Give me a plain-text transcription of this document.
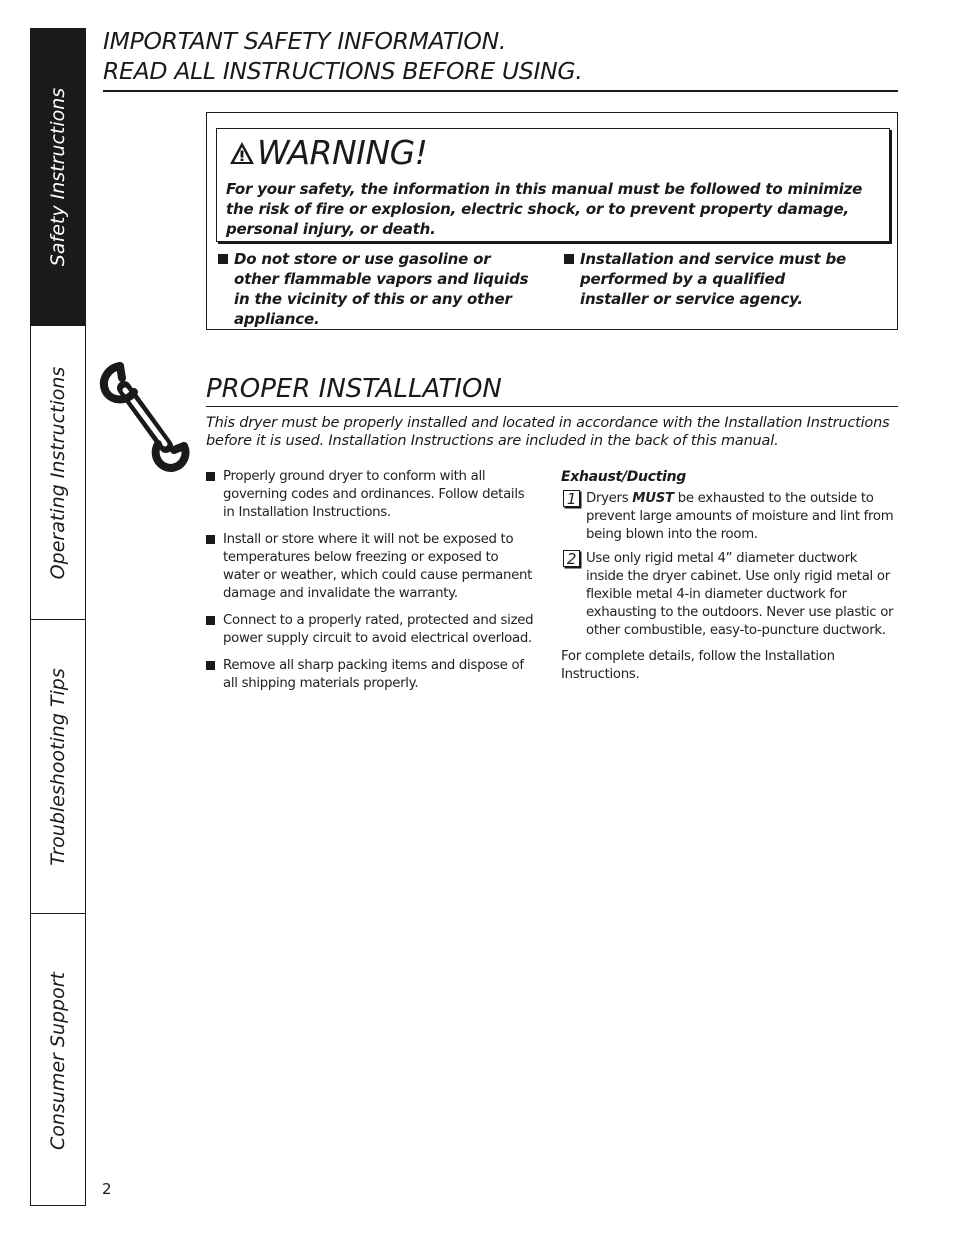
Safety Instructions
Operating Instructions
Troubleshooting Tips
Consumer Support
IMPORTANT SAFETY INFORMATION.
READ ALL INSTRUCTIONS BEFORE USING.
WARNING!
For your safety, the information in this manual must be followed to minimize the risk of fire or explosion, electric shock, or to prevent property damage, personal injury, or death.
Do not store or use gasoline or other flammable vapors and liquids in the vicinity of this or any other appliance.
Installation and service must be performed by a qualified installer or service agency.
PROPER INSTALLATION

This dryer must be properly installed and located in accordance with the Installation Instructions before it is used. Installation Instructions are included in the back of this manual.

Properly ground dryer to conform with all governing codes and ordinances. Follow details in Installation Instructions.
Install or store where it will not be exposed to temperatures below freezing or exposed to water or weather, which could cause permanent damage and invalidate the warranty.
Connect to a properly rated, protected and sized power supply circuit to avoid electrical overload.
Remove all sharp packing items and dispose of all shipping materials properly.
Exhaust/Ducting
1 Dryers MUST be exhausted to the outside to prevent large amounts of moisture and lint from being blown into the room.
2 Use only rigid metal 4” diameter ductwork inside the dryer cabinet. Use only rigid metal or flexible metal 4-in diameter ductwork for exhausting to the outdoors. Never use plastic or other combustible, easy-to-puncture ductwork.
For complete details, follow the Installation Instructions.
2
